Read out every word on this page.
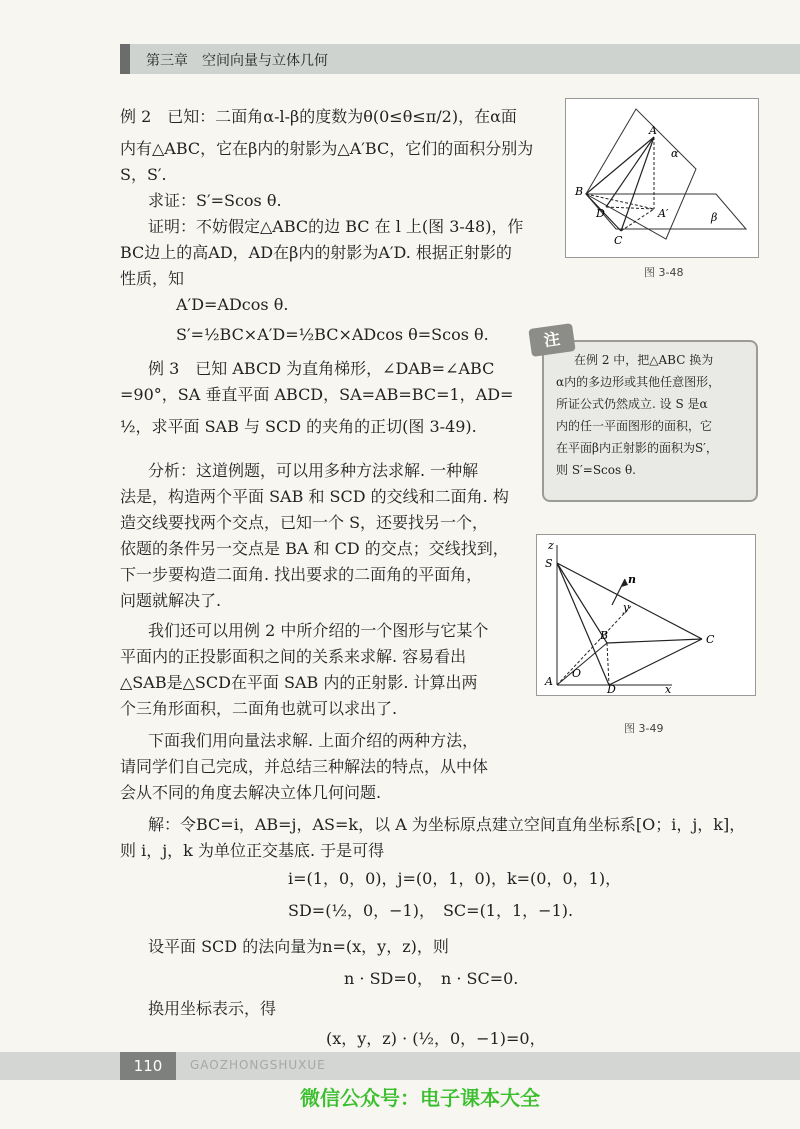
第三章　空间向量与立体几何
例 2　已知：二面角α-l-β的度数为θ(0≤θ≤π/2)，在α面
内有△ABC，它在β内的射影为△A′BC，它们的面积分别为
S，S′.
求证：S′=Scos θ.
证明：不妨假定△ABC的边 BC 在 l 上(图 3-48)，作
BC边上的高AD，AD在β内的射影为A′D. 根据正射影的
性质，知
A′D=ADcos θ.
S′=½BC×A′D=½BC×ADcos θ=Scos θ.
A
A′
B
C
D
α
β
图 3-48
注
在例 2 中，把△ABC 换为
α内的多边形或其他任意图形，
所证公式仍然成立. 设 S 是α
内的任一平面图形的面积，它
在平面β内正射影的面积为S′，
则 S′=Scos θ.
例 3　已知 ABCD 为直角梯形，∠DAB=∠ABC
=90°，SA 垂直平面 ABCD，SA=AB=BC=1，AD=
½，求平面 SAB 与 SCD 的夹角的正切(图 3-49).
分析：这道例题，可以用多种方法求解. 一种解
法是，构造两个平面 SAB 和 SCD 的交线和二面角. 构
造交线要找两个交点，已知一个 S，还要找另一个，
依题的条件另一交点是 BA 和 CD 的交点；交线找到，
下一步要构造二面角. 找出要求的二面角的平面角，
问题就解决了.
我们还可以用例 2 中所介绍的一个图形与它某个
平面内的正投影面积之间的关系来求解. 容易看出
△SAB是△SCD在平面 SAB 内的正射影. 计算出两
个三角形面积，二面角也就可以求出了.
下面我们用向量法求解. 上面介绍的两种方法，
请同学们自己完成，并总结三种解法的特点，从中体
会从不同的角度去解决立体几何问题.
z
S
n
y
B	C
A
O
D	x
图 3-49
解：令BC=i，AB=j，AS=k，以 A 为坐标原点建立空间直角坐标系[O；i，j，k]，
则 i，j，k 为单位正交基底. 于是可得
i=(1，0，0)，j=(0，1，0)，k=(0，0，1)，
SD=(½，0，−1)，　SC=(1，1，−1).
设平面 SCD 的法向量为n=(x，y，z)，则
n · SD=0，　n · SC=0.
换用坐标表示，得
(x，y，z) · (½，0，−1)=0，
110	GAOZHONGSHUXUE
微信公众号：电子课本大全
